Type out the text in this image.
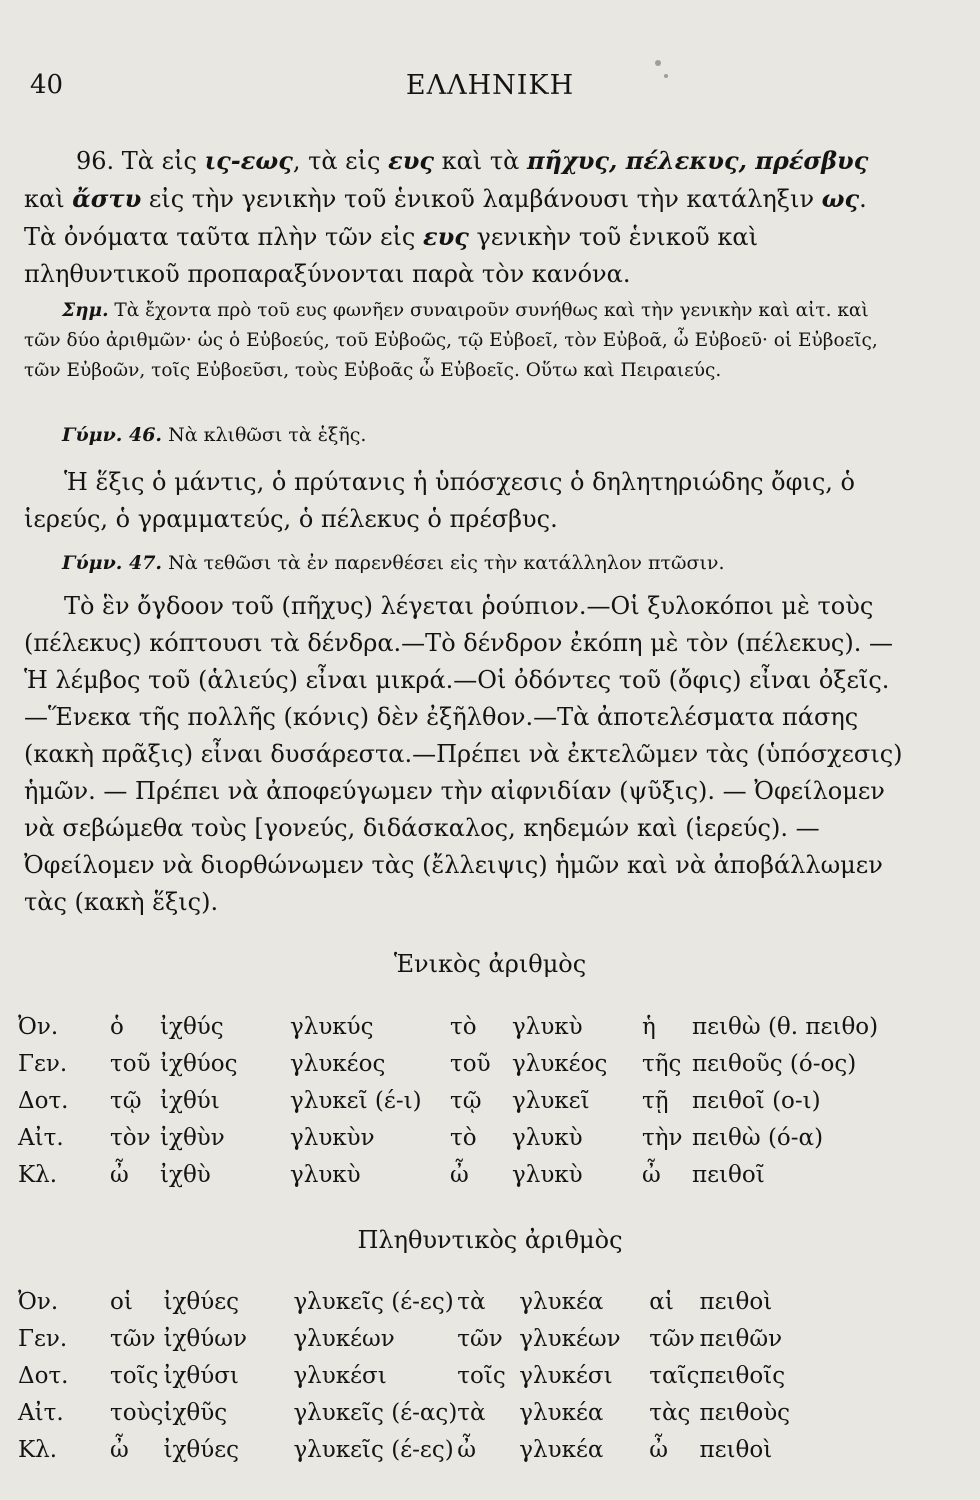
40	ΕΛΛΗΝΙΚΗ

96. Τὰ εἰς ις-εως, τὰ εἰς ευς καὶ τὰ πῆχυς, πέλεκυς, πρέσβυς καὶ ἄστυ εἰς τὴν γενικὴν τοῦ ἑνικοῦ λαμβάνουσι τὴν κατάληξιν ως. Τὰ ὀνόματα ταῦτα πλὴν τῶν εἰς ευς γενικὴν τοῦ ἑνικοῦ καὶ πληθυντικοῦ προπαραξύνονται παρὰ τὸν κανόνα.

Σημ. Τὰ ἔχοντα πρὸ τοῦ ευς φωνῆεν συναιροῦν συνήθως καὶ τὴν γενικὴν καὶ αἰτ. καὶ τῶν δύο ἀριθμῶν· ὡς ὁ Εὐβοεύς, τοῦ Εὐβοῶς, τῷ Εὐβοεῖ, τὸν Εὐβοᾶ, ὦ Εὐβοεῦ· οἱ Εὐβοεῖς, τῶν Εὐβοῶν, τοῖς Εὐβοεῦσι, τοὺς Εὐβοᾶς ὦ Εὐβοεῖς. Οὕτω καὶ Πειραιεύς.

Γύμν. 46. Νὰ κλιθῶσι τὰ ἑξῆς.

Ἡ ἕξις ὁ μάντις, ὁ πρύτανις ἡ ὑπόσχεσις ὁ δηλητηριώδης ὄφις, ὁ ἱερεύς, ὁ γραμματεύς, ὁ πέλεκυς ὁ πρέσβυς.

Γύμν. 47. Νὰ τεθῶσι τὰ ἐν παρενθέσει εἰς τὴν κατάλληλον πτῶσιν.

Τὸ ἓν ὄγδοον τοῦ (πῆχυς) λέγεται ῥούπιον.—Οἱ ξυλοκόποι μὲ τοὺς (πέλεκυς) κόπτουσι τὰ δένδρα.—Τὸ δένδρον ἐκόπη μὲ τὸν (πέλεκυς). —Ἡ λέμβος τοῦ (ἁλιεύς) εἶναι μικρά.—Οἱ ὀδόντες τοῦ (ὄφις) εἶναι ὀξεῖς. —Ἕνεκα τῆς πολλῆς (κόνις) δὲν ἐξῆλθον.—Τὰ ἀποτελέσματα πάσης (κακὴ πρᾶξις) εἶναι δυσάρεστα.—Πρέπει νὰ ἐκτελῶμεν τὰς (ὑπόσχεσις) ἡμῶν. — Πρέπει νὰ ἀποφεύγωμεν τὴν αἰφνιδίαν (ψῦξις). — Ὀφείλομεν νὰ σεβώμεθα τοὺς [γονεύς, διδάσκαλος, κηδεμών καὶ (ἱερεύς). —Ὀφείλομεν νὰ διορθώνωμεν τὰς (ἔλλειψις) ἡμῶν καὶ νὰ ἀποβάλλωμεν τὰς (κακὴ ἕξις).

Ἑνικὸς ἀριθμὸς
Ὀν.	ὁ	ἰχθύς	γλυκύς	τὸ	γλυκὺ	ἡ	πειθὼ (θ. πειθο)
Γεν.	τοῦ	ἰχθύος	γλυκέος	τοῦ	γλυκέος	τῆς	πειθοῦς (ό-ος)
Δοτ.	τῷ	ἰχθύι	γλυκεῖ (έ-ι)	τῷ	γλυκεῖ	τῇ	πειθοῖ (ο-ι)
Αἰτ.	τὸν	ἰχθὺν	γλυκὺν	τὸ	γλυκὺ	τὴν	πειθὼ (ό-α)
Κλ.	ὦ	ἰχθὺ	γλυκὺ	ὦ	γλυκὺ	ὦ	πειθοῖ
Πληθυντικὸς ἀριθμὸς
Ὀν.	οἱ	ἰχθύες	γλυκεῖς (έ-ες)	τὰ	γλυκέα	αἱ	πειθοὶ
Γεν.	τῶν	ἰχθύων	γλυκέων	τῶν	γλυκέων	τῶν	πειθῶν
Δοτ.	τοῖς	ἰχθύσι	γλυκέσι	τοῖς	γλυκέσι	ταῖς	πειθοῖς
Αἰτ.	τοὺς	ἰχθῦς	γλυκεῖς (έ-ας)	τὰ	γλυκέα	τὰς	πειθοὺς
Κλ.	ὦ	ἰχθύες	γλυκεῖς (έ-ες)	ὦ	γλυκέα	ὦ	πειθοὶ
